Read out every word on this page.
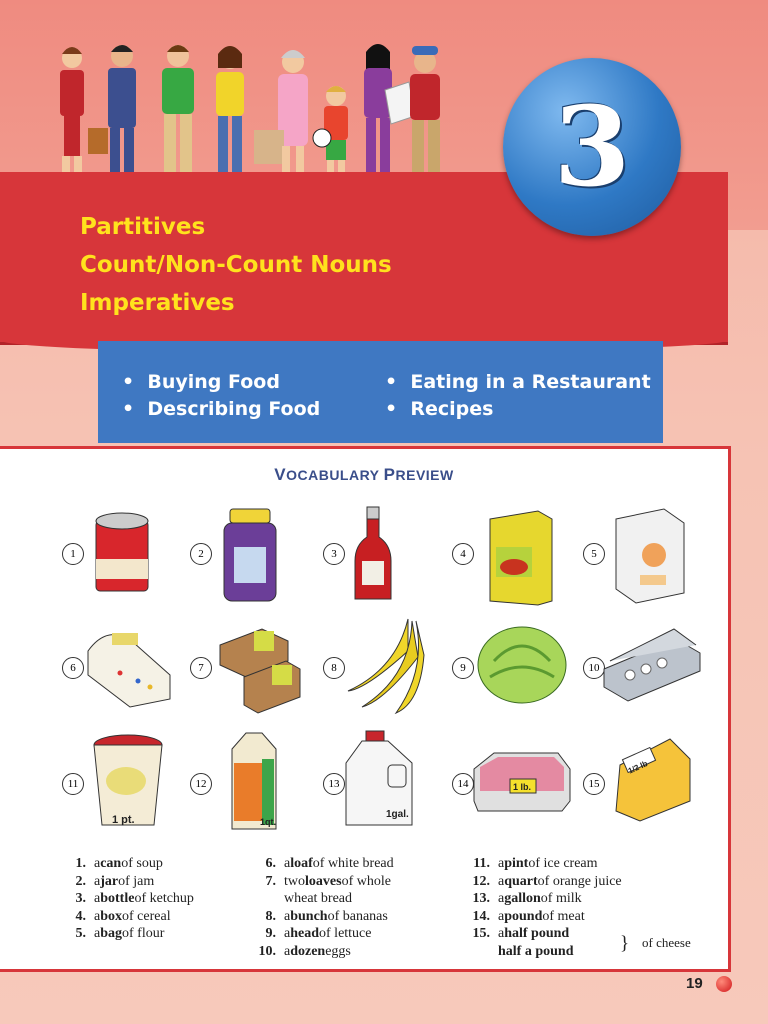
Partitives
Count/Non-Count Nouns
Imperatives
3
•  Buying Food
•  Describing Food
•  Eating in a Restaurant
•  Recipes
VOCABULARY PREVIEW
1	2	3	4	5
6	7	8	9	10
11	12	13	14	15
1 pt.	1qt.
1gal.
1 lb.
1/2 lb
1. a can of soup
2. a jar of jam
3. a bottle of ketchup
4. a box of cereal
5. a bag of flour
6. a loaf of white bread
7. two loaves of whole
wheat bread
8. a bunch of bananas
9. a head of lettuce
10. a dozen eggs
11. a pint of ice cream
12. a quart of orange juice
13. a gallon of milk
14. a pound of meat
15. a half pound
half a pound } of cheese
19
